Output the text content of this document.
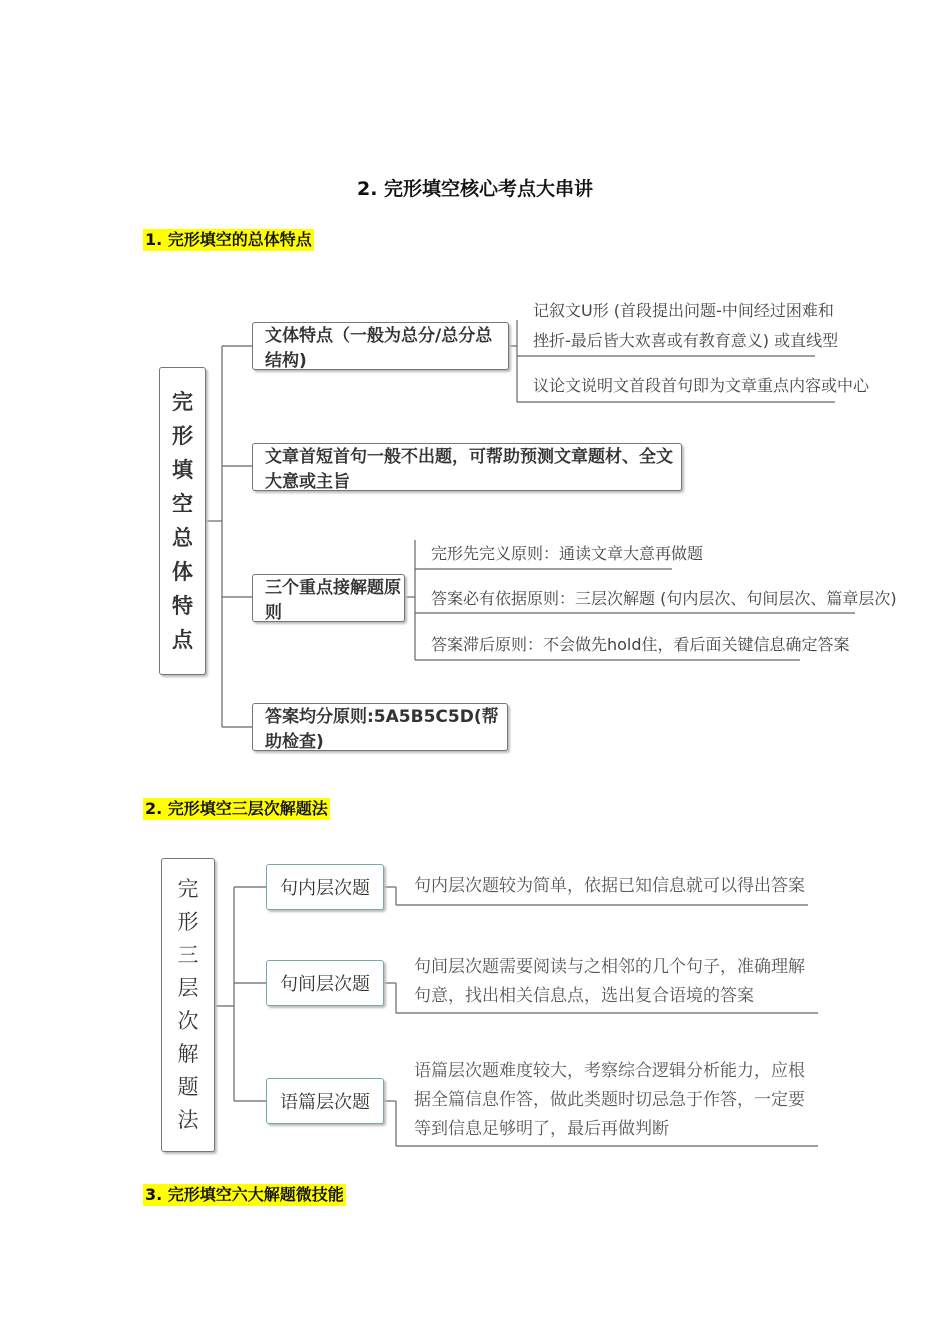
2. 完形填空核心考点大串讲
1. 完形填空的总体特点
完
形
填
空
总
体
特
点
文体特点（一般为总分/总分总结构)
记叙文U形 (首段提出问题-中间经过困难和
挫折-最后皆大欢喜或有教育意义) 或直线型
议论文说明文首段首句即为文章重点内容或中心
文章首短首句一般不出题，可帮助预测文章题材、全文大意或主旨
三个重点接解题原则
完形先完义原则：通读文章大意再做题
答案必有依据原则：三层次解题 (句内层次、句间层次、篇章层次)
答案滞后原则：不会做先hold住，看后面关键信息确定答案
答案均分原则:5A5B5C5D(帮助检查)
2. 完形填空三层次解题法
完
形
三
层
次
解
题
法
句内层次题	句内层次题较为简单，依据已知信息就可以得出答案
句间层次题
句间层次题需要阅读与之相邻的几个句子，准确理解
句意，找出相关信息点，选出复合语境的答案
语篇层次题
语篇层次题难度较大，考察综合逻辑分析能力，应根
据全篇信息作答，做此类题时切忌急于作答，一定要
等到信息足够明了，最后再做判断
3. 完形填空六大解题微技能
